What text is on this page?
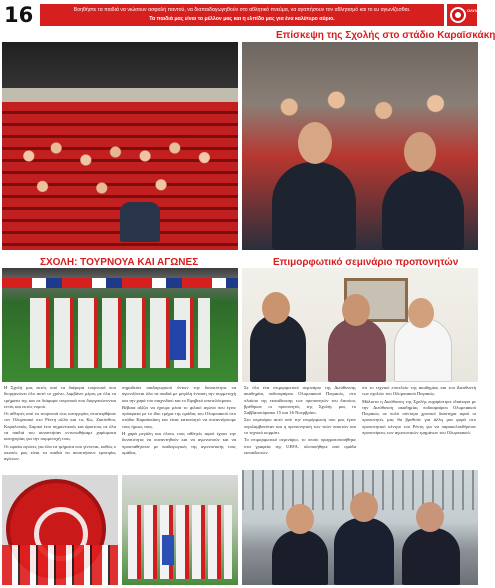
16	Βοηθήστε τα παιδιά να νιώσουν ασφαλή παντού, να διαπαιδαγωγηθούν στο αθλητικό πνεύμα, να αγαπήσουν τον αθλητισμό και το ευ αγωνίζεσθαι.
Τα παιδιά μας είναι το μέλλον μας και η ελπίδα μας για ένα καλύτερο αύριο.
ΟΛΥΜΠΙΑΚΟΣ
Επίσκεψη της Σχολής στο στάδιο Καραϊσκάκη
ΣΧΟΛΗ: ΤΟΥΡΝΟΥΑ ΚΑΙ ΑΓΩΝΕΣ	Επιμορφωτικό σεμινάριο προπονητών

Η Σχολή μας εκτός από τα διάφορα τουρνουά που διοργανώνει όλο αυτό το χρόνο, λαμβάνει μέρος με όλα τα τμήματα της και σε διάφορα τουρνουά που διοργανώνονται εντός και εκτός νομού.

Οι αθλητές από τα τουρνουά στις κατηγορίες επιστεφθήκαν τον Ολυμπιακό στο Ρέντη αλλά και τις Κω, Ζακύνθου, Κεφαλονιάς, Σαμικό έτσι σημαντικούς και άριστους σε όλα τα παιδιά του συναντήσαν εντυπωθήκαμε χαρίσματα κατηγορίας για την συμμετοχή τους.

Οι ωραίοι αγώνες για όλα τα τμήματα που γίνονται, καθώς ο σκοπός μας είναι τα παιδιά να αποκτήσουν εμπειρίες αγώνων.

σημαδεύει παιδαγωγικού όντων την δυνατότητα να αγωνιζόνται όλα τα παιδιά με μεγάλη ένταση την συμμετοχή και την χαρά του παιχνιδιού και το Εφηβικό αποτελέσματα.

Βέβαια αξίζει να έχουμε μέσα το φιλικό αγώνα που έγινε πρόσφατα με το ίδιο τμήμα της ομάδας του Ολυμπιακού στο στάδιο Καραϊσκάκη και είναι κατανοητό να συναντήσουμε τους ήρωες τους.

Η χαρά μεγάλη και όλους τους αθλητές αφού έχουν την δυνατότητα να συναντηθούν και να αγωνιστούν και να προσπαθήσουν με παιδαγωγικές της αγωνιστικής τους ομάδας.

Σε όλο ένα επιμορφωτικό σεμινάριο της Διεύθυνσης ακαδημίας ποδοσφαίρου Ολυμπιακού Πειραιώς, στο πλαίσιο της εκπαίδευσης των προπονητών του δικτύου, βρέθηκαν οι προπονητές της Σχολής μας το Σαββατοκύριακο 15 και 16 Νοεμβρίου.

Στο σεμινάριο αυτό από την επιμόρφωση που μας έγινε περιλαμβανόταν και η προπονητική των νεών παικτών και το τεχνικό κομμάτι.

Το επιμορφωτικό σεμινάριο, το οποίο πραγματοποιήθηκε στα γραφεία της UEFA, υλοποιήθηκε από ομάδα εκπαιδευτών.

ότι το τεχνικό επιτελείο της ακαδημίας και του Διευθυντή των σχολών του Ολυμπιακού Πειραιώς.

Μάλιστα η Διεύθυνση της Σχολής ευχαρίστησε ιδιαίτερα με την Διεύθυνση ακαδημίας ποδοσφαίρου Ολυμπιακού Πειραιώς σε πολύ σύντομο χρονικό διάστημα αφού οι προπονητές μας θα βρεθούν για άλλη μια φορά στο προπονητικό κέντρο του Ρέντη για να παρακολουθήσουν προπονήσεις των αγωνιστικών τμημάτων του Ολυμπιακού.
